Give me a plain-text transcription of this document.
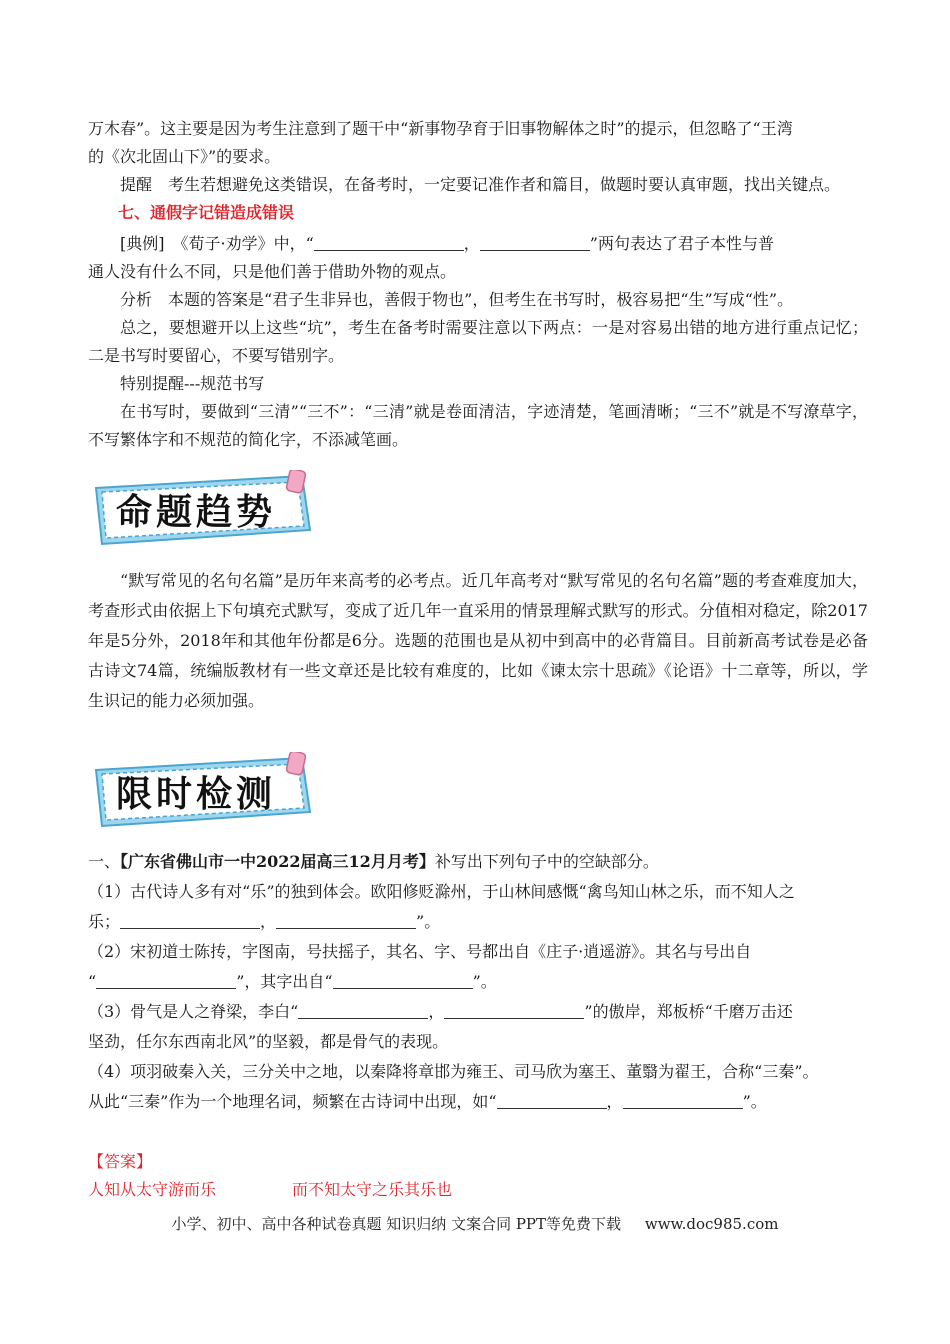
万木春”。这主要是因为考生注意到了题干中“新事物孕育于旧事物解体之时”的提示，但忽略了“王湾

的《次北固山下》”的要求。

提醒　考生若想避免这类错误，在备考时，一定要记准作者和篇目，做题时要认真审题，找出关键点。

七、通假字记错造成错误

[典例]　《荀子·劝学》中，“	，	”两句表达了君子本性与普

通人没有什么不同，只是他们善于借助外物的观点。

分析　本题的答案是“君子生非异也，善假于物也”，但考生在书写时，极容易把“生”写成“性”。

总之，要想避开以上这些“坑”，考生在备考时需要注意以下两点：一是对容易出错的地方进行重点记忆；二是书写时要留心，不要写错别字。

特别提醒---规范书写

在书写时，要做到“三清”“三不”：“三清”就是卷面清洁，字迹清楚，笔画清晰；“三不”就是不写潦草字，不写繁体字和不规范的简化字，不添减笔画。

命题趋势

“默写常见的名句名篇”是历年来高考的必考点。近几年高考对“默写常见的名句名篇”题的考查难度加大，考查形式由依据上下句填充式默写，变成了近几年一直采用的情景理解式默写的形式。分值相对稳定，除2017年是5分外，2018年和其他年份都是6分。选题的范围也是从初中到高中的必背篇目。目前新高考试卷是必备古诗文74篇，统编版教材有一些文章还是比较有难度的，比如《谏太宗十思疏》《论语》十二章等，所以，学生识记的能力必须加强。

限时检测

一、【广东省佛山市一中2022届高三12月月考】补写出下列句子中的空缺部分。

（1）古代诗人多有对“乐”的独到体会。欧阳修贬滁州，于山林间感慨“禽鸟知山林之乐，而不知人之

乐；	，	”。

（2）宋初道士陈抟，字图南，号扶摇子，其名、字、号都出自《庄子·逍遥游》。其名与号出自

“	”，其字出自“	”。

（3）骨气是人之脊梁，李白“	，	”的傲岸，郑板桥“千磨万击还

坚劲，任尔东西南北风”的坚毅，都是骨气的表现。

（4）项羽破秦入关，三分关中之地，以秦降将章邯为雍王、司马欣为塞王、董翳为翟王，合称“三秦”。

从此“三秦”作为一个地理名词，频繁在古诗词中出现，如“	，	”。

【答案】
人知从太守游而乐	而不知太守之乐其乐也
小学、初中、高中各种试卷真题 知识归纳 文案合同 PPT等免费下载 www.doc985.com
